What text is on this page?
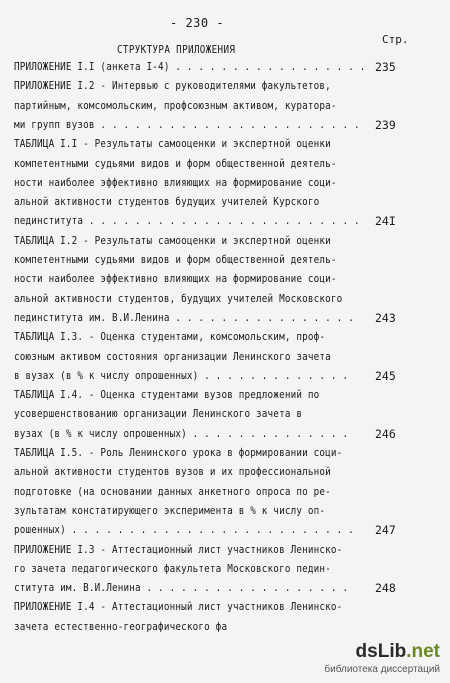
- 230 -
Стр.
СТРУКТУРА ПРИЛОЖЕНИЯ
ПРИЛОЖЕНИЕ I.I (анкета I-4) . . . . . . . . . . . . . . . . .
ПРИЛОЖЕНИЕ I.2 - Интервью с руководителями факультетов,
партийным, комсомольским, профсоюзным активом, куратора-
ми групп вузов . . . . . . . . . . . . . . . . . . . . . . .
ТАБЛИЦА I.I - Результаты самооценки и экспертной оценки
компетентными судьями видов и форм общественной деятель-
ности наиболее эффективно влияющих на формирование соци-
альной активности студентов будущих учителей Курского
пединститута . . . . . . . . . . . . . . . . . . . . . . . .
ТАБЛИЦА I.2 - Результаты самооценки и экспертной оценки
компетентными судьями видов и форм общественной деятель-
ности наиболее эффективно влияющих на формирование соци-
альной активности студентов, будущих учителей Московского
пединститута им. В.И.Ленина . . . . . . . . . . . . . . . .
ТАБЛИЦА I.3. - Оценка студентами, комсомольским, проф-
союзным активом состояния организации Ленинского зачета
в вузах (в % к числу опрошенных) . . . . . . . . . . . . .
ТАБЛИЦА I.4. - Оценка студентами вузов предложений по
усовершенствованию организации Ленинского зачета в
вузах (в % к числу опрошенных) . . . . . . . . . . . . . .
ТАБЛИЦА I.5. - Роль Ленинского урока в формировании соци-
альной активности студентов вузов и их профессиональной
подготовке (на основании данных анкетного опроса по ре-
зультатам констатирующего эксперимента в % к числу оп-
рошенных) . . . . . . . . . . . . . . . . . . . . . . . . .
ПРИЛОЖЕНИЕ I.3 - Аттестационный лист участников Ленинско-
го зачета педагогического факультета Московского педин-
ститута им. В.И.Ленина . . . . . . . . . . . . . . . . . .
ПРИЛОЖЕНИЕ I.4 - Аттестационный лист участников Ленинско-
зачета естественно-географического фа
235
239
24I
243
245
246
247
248
dsLib.net
библиотека диссертаций
